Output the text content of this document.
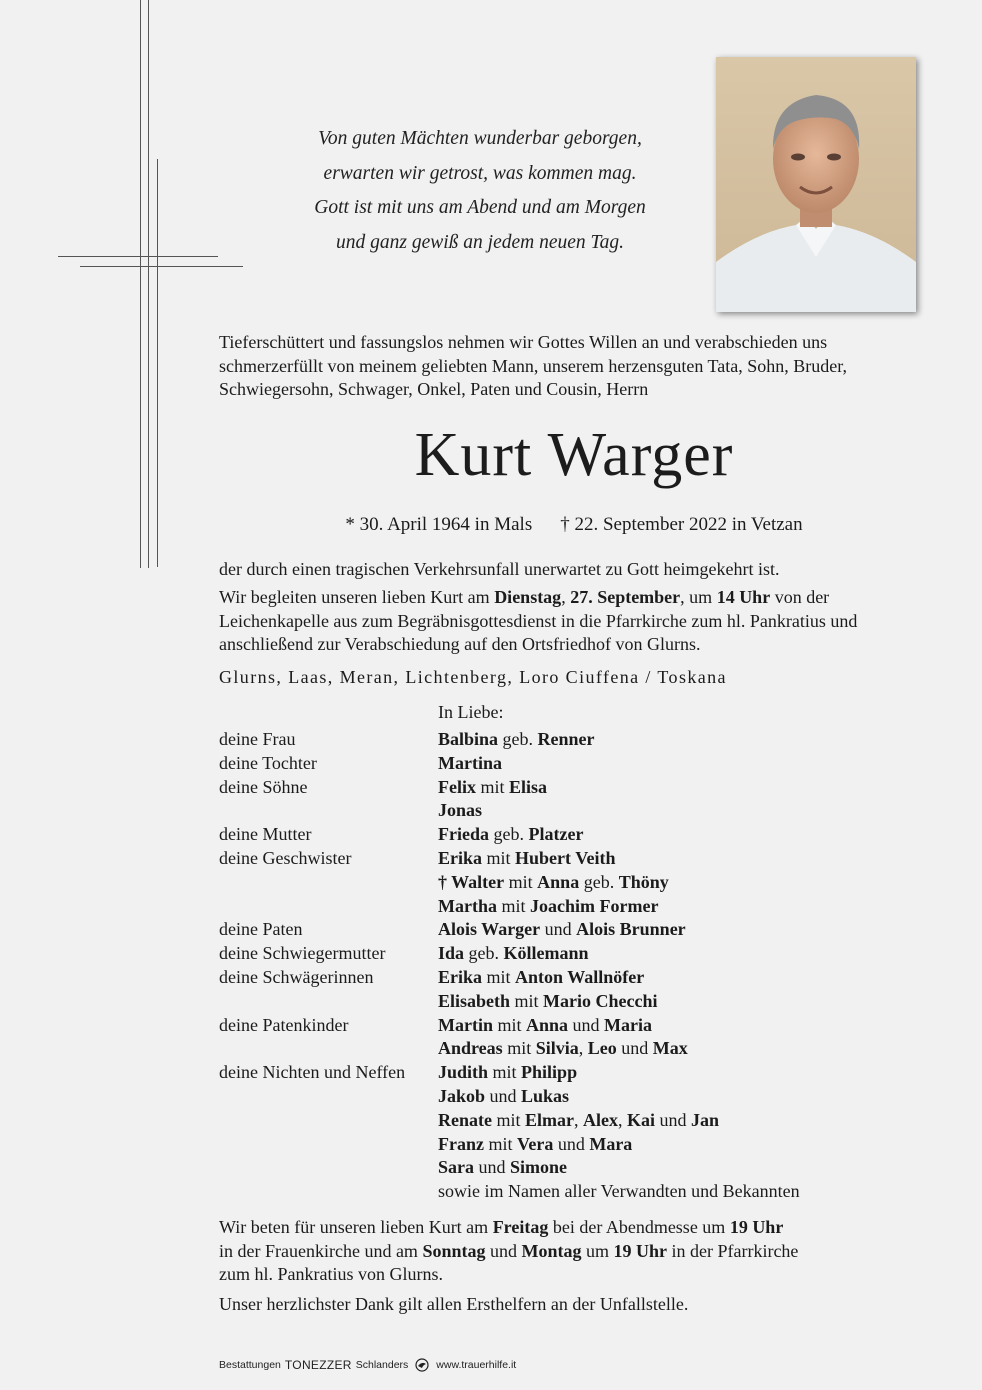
Von guten Mächten wunderbar geborgen,
erwarten wir getrost, was kommen mag.
Gott ist mit uns am Abend und am Morgen
und ganz gewiß an jedem neuen Tag.
Tieferschüttert und fassungslos nehmen wir Gottes Willen an und verabschieden uns
schmerzerfüllt von meinem geliebten Mann, unserem herzensguten Tata, Sohn, Bruder,
Schwiegersohn, Schwager, Onkel, Paten und Cousin, Herrn
Kurt Warger
* 30. April 1964 in Mals † 22. September 2022 in Vetzan
der durch einen tragischen Verkehrsunfall unerwartet zu Gott heimgekehrt ist.
Wir begleiten unseren lieben Kurt am Dienstag, 27. September, um 14 Uhr von der
Leichenkapelle aus zum Begräbnisgottesdienst in die Pfarrkirche zum hl. Pankratius und
anschließend zur Verabschiedung auf den Ortsfriedhof von Glurns.
Glurns, Laas, Meran, Lichtenberg, Loro Ciuffena / Toskana
In Liebe:
deine Frau	Balbina geb. Renner
deine Tochter	Martina
deine Söhne	Felix mit Elisa
Jonas
deine Mutter	Frieda geb. Platzer
deine Geschwister	Erika mit Hubert Veith
† Walter mit Anna geb. Thöny
Martha mit Joachim Former
deine Paten	Alois Warger und Alois Brunner
deine Schwiegermutter	Ida geb. Köllemann
deine Schwägerinnen	Erika mit Anton Wallnöfer
Elisabeth mit Mario Checchi
deine Patenkinder	Martin mit Anna und Maria
Andreas mit Silvia, Leo und Max
deine Nichten und Neffen	Judith mit Philipp
Jakob und Lukas
Renate mit Elmar, Alex, Kai und Jan
Franz mit Vera und Mara
Sara und Simone
sowie im Namen aller Verwandten und Bekannten
Wir beten für unseren lieben Kurt am Freitag bei der Abendmesse um 19 Uhr
in der Frauenkirche und am Sonntag und Montag um 19 Uhr in der Pfarrkirche
zum hl. Pankratius von Glurns.
Unser herzlichster Dank gilt allen Ersthelfern an der Unfallstelle.
Bestattungen TONEZZER Schlanders	www.trauerhilfe.it
